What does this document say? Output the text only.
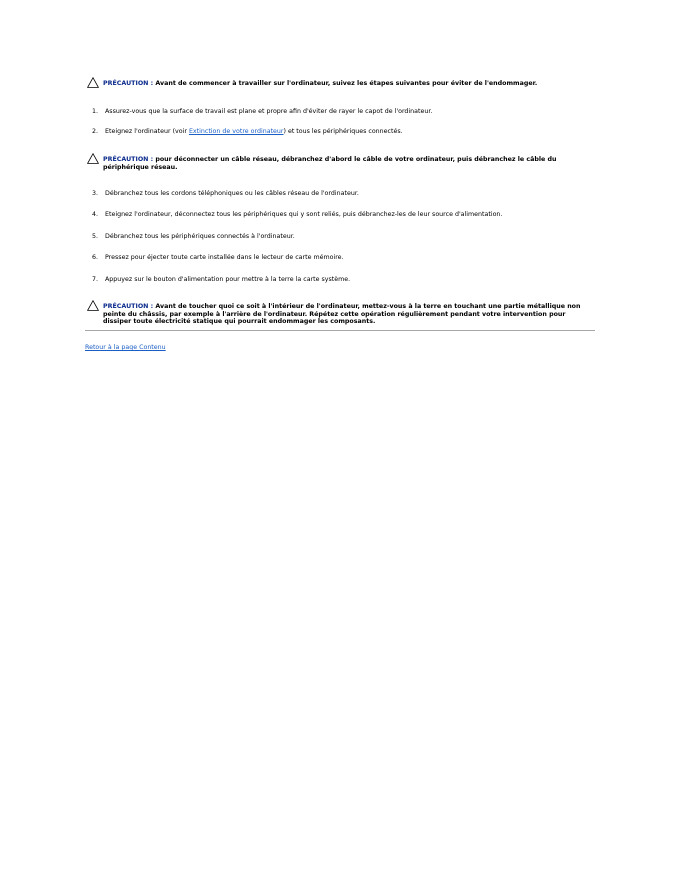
PRÉCAUTION : Avant de commencer à travailler sur l'ordinateur, suivez les étapes suivantes pour éviter de l'endommager.
1. Assurez-vous que la surface de travail est plane et propre afin d'éviter de rayer le capot de l'ordinateur.
2. Eteignez l'ordinateur (voir Extinction de votre ordinateur) et tous les périphériques connectés.
PRÉCAUTION : pour déconnecter un câble réseau, débranchez d'abord le câble de votre ordinateur, puis débranchez le câble du périphérique réseau.
3. Débranchez tous les cordons téléphoniques ou les câbles réseau de l'ordinateur.
4. Eteignez l'ordinateur, déconnectez tous les périphériques qui y sont reliés, puis débranchez-les de leur source d'alimentation.
5. Débranchez tous les périphériques connectés à l'ordinateur.
6. Pressez pour éjecter toute carte installée dans le lecteur de carte mémoire.
7. Appuyez sur le bouton d'alimentation pour mettre à la terre la carte système.
PRÉCAUTION : Avant de toucher quoi ce soit à l'intérieur de l'ordinateur, mettez-vous à la terre en touchant une partie métallique non peinte du châssis, par exemple à l'arrière de l'ordinateur. Répétez cette opération régulièrement pendant votre intervention pour dissiper toute électricité statique qui pourrait endommager les composants.
Retour à la page Contenu
